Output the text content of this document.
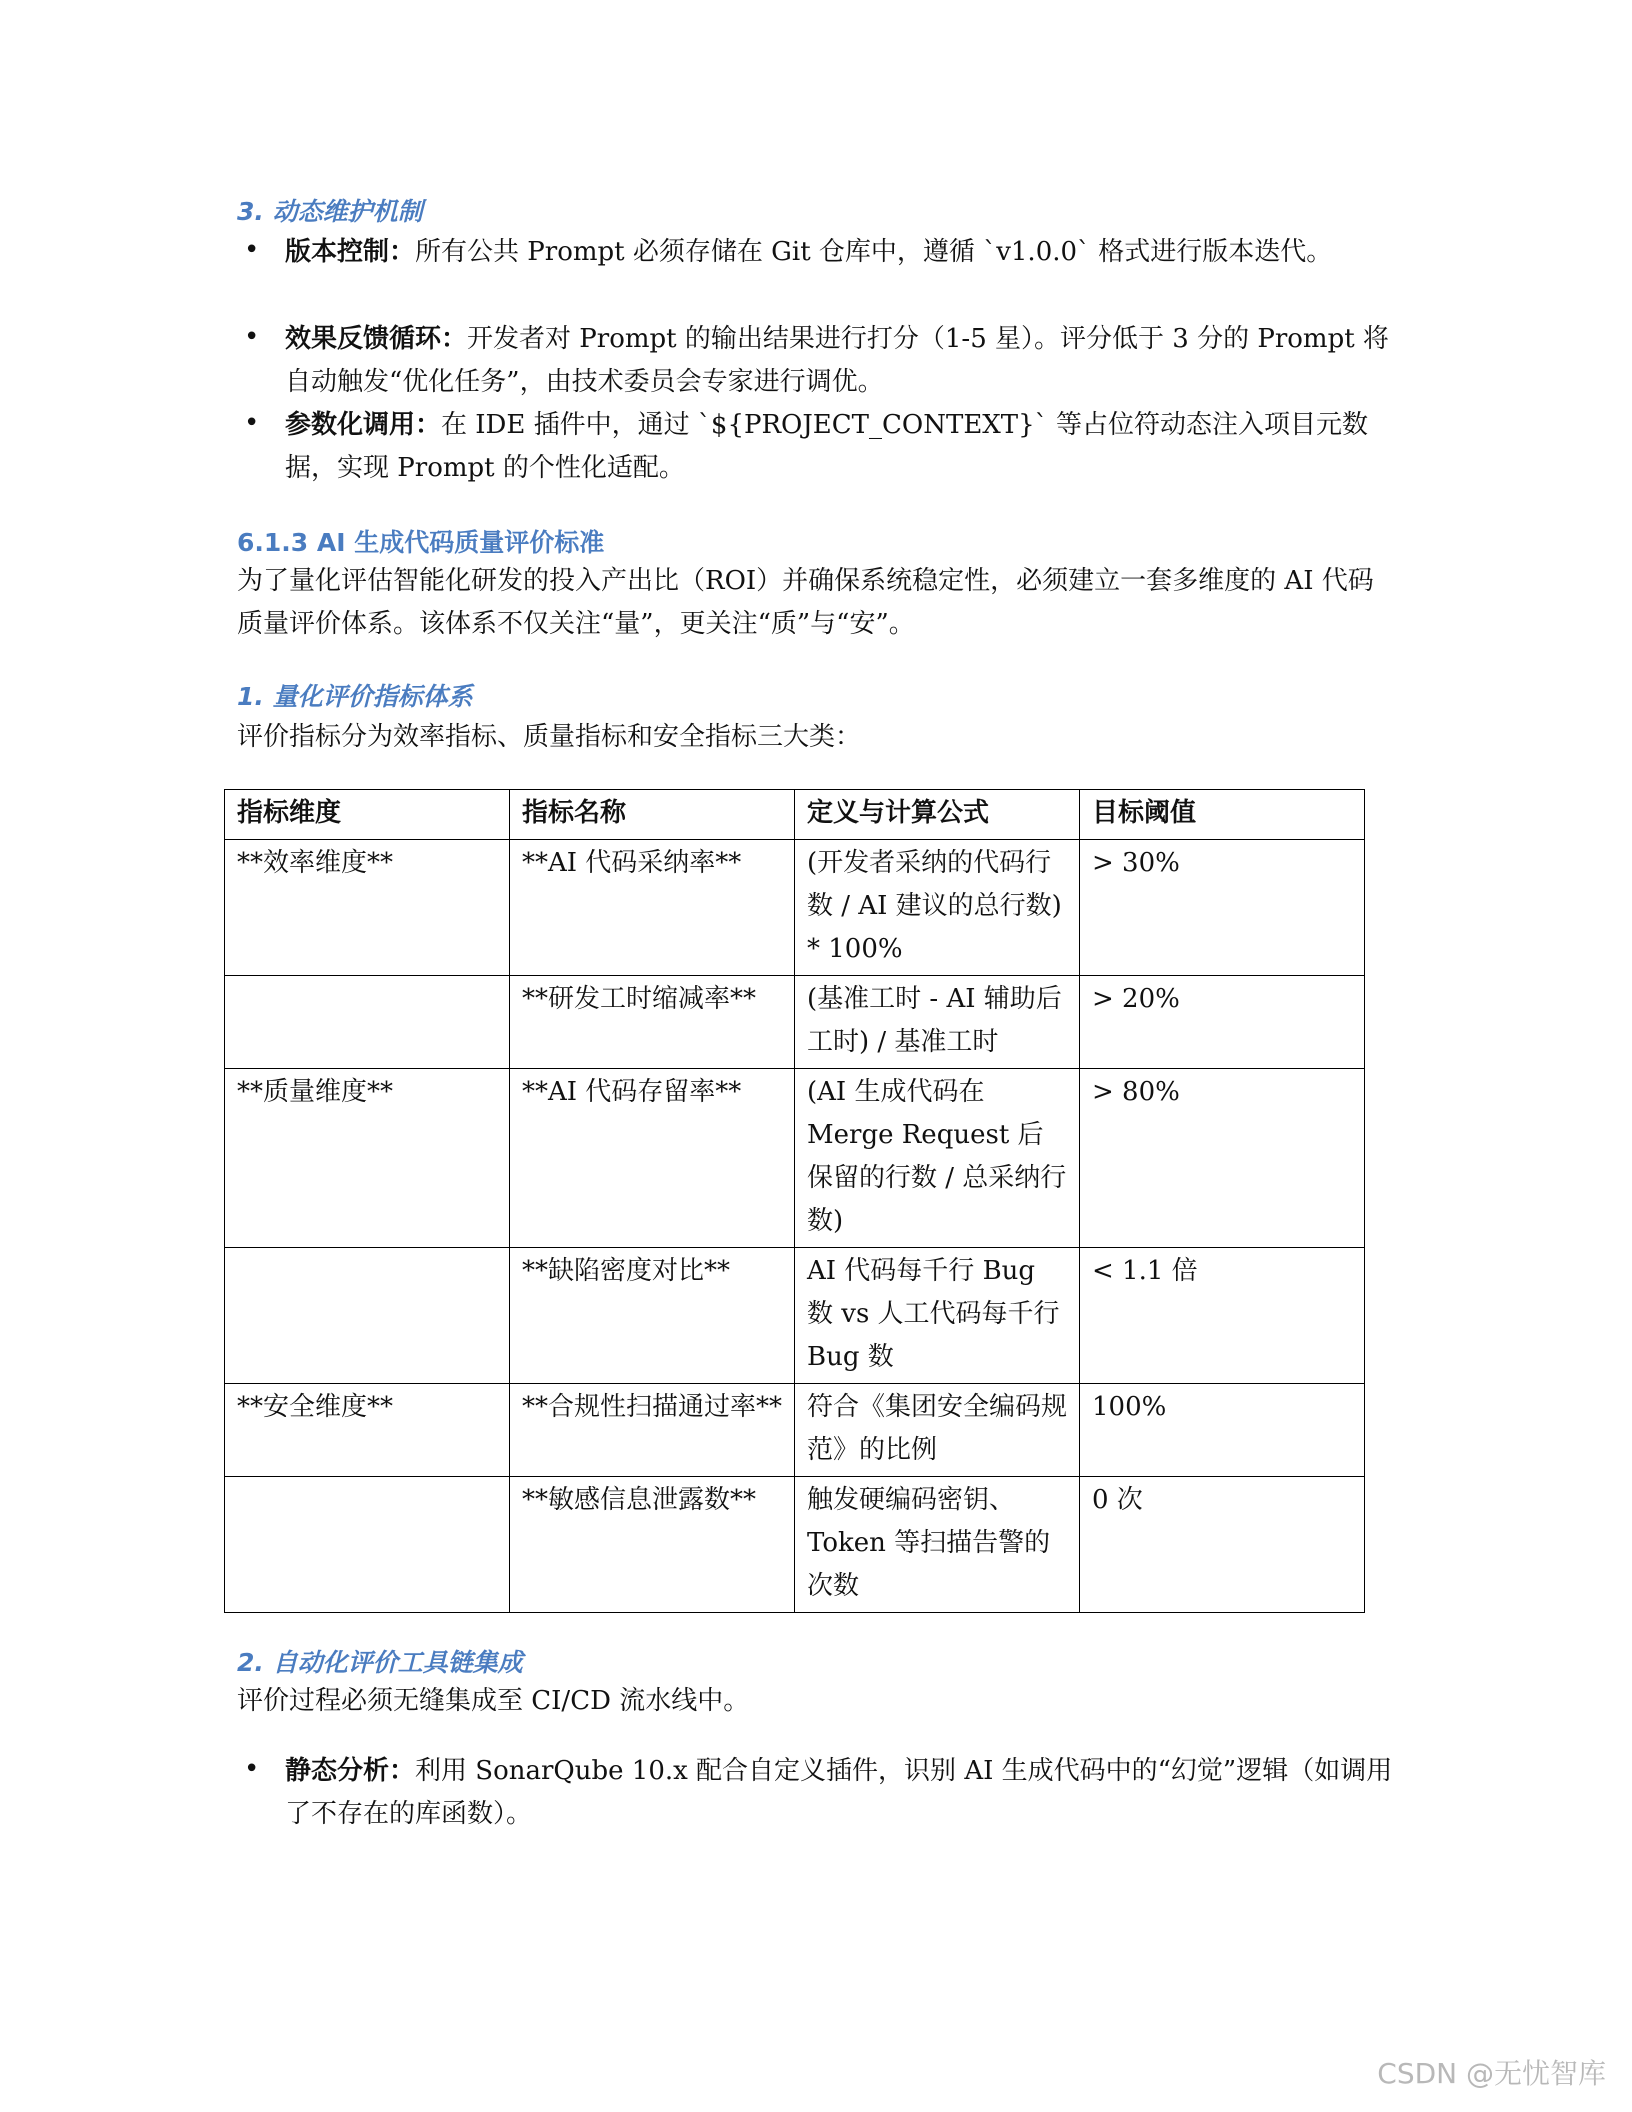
3. 动态维护机制
• 版本控制：所有公共 Prompt 必须存储在 Git 仓库中，遵循 `v1.0.0` 格式进行版本迭代。
• 效果反馈循环：开发者对 Prompt 的输出结果进行打分（1-5 星）。评分低于 3 分的 Prompt 将自动触发“优化任务”，由技术委员会专家进行调优。
• 参数化调用：在 IDE 插件中，通过 `${PROJECT_CONTEXT}` 等占位符动态注入项目元数据，实现 Prompt 的个性化适配。
6.1.3 AI 生成代码质量评价标准
为了量化评估智能化研发的投入产出比（ROI）并确保系统稳定性，必须建立一套多维度的 AI 代码质量评价体系。该体系不仅关注“量”，更关注“质”与“安”。
1. 量化评价指标体系
评价指标分为效率指标、质量指标和安全指标三大类：
指标维度	指标名称	定义与计算公式	目标阈值
**效率维度**	**AI 代码采纳率**	(开发者采纳的代码行数 / AI 建议的总行数) * 100%	> 30%
	**研发工时缩减率**	(基准工时 - AI 辅助后工时) / 基准工时	> 20%
**质量维度**	**AI 代码存留率**	(AI 生成代码在 Merge Request 后保留的行数 / 总采纳行数)	> 80%
	**缺陷密度对比**	AI 代码每千行 Bug 数 vs 人工代码每千行 Bug 数	< 1.1 倍
**安全维度**	**合规性扫描通过率**	符合《集团安全编码规范》的比例	100%
	**敏感信息泄露数**	触发硬编码密钥、Token 等扫描告警的次数	0 次
2. 自动化评价工具链集成
评价过程必须无缝集成至 CI/CD 流水线中。
• 静态分析：利用 SonarQube 10.x 配合自定义插件，识别 AI 生成代码中的“幻觉”逻辑（如调用了不存在的库函数）。
CSDN @无忧智库
